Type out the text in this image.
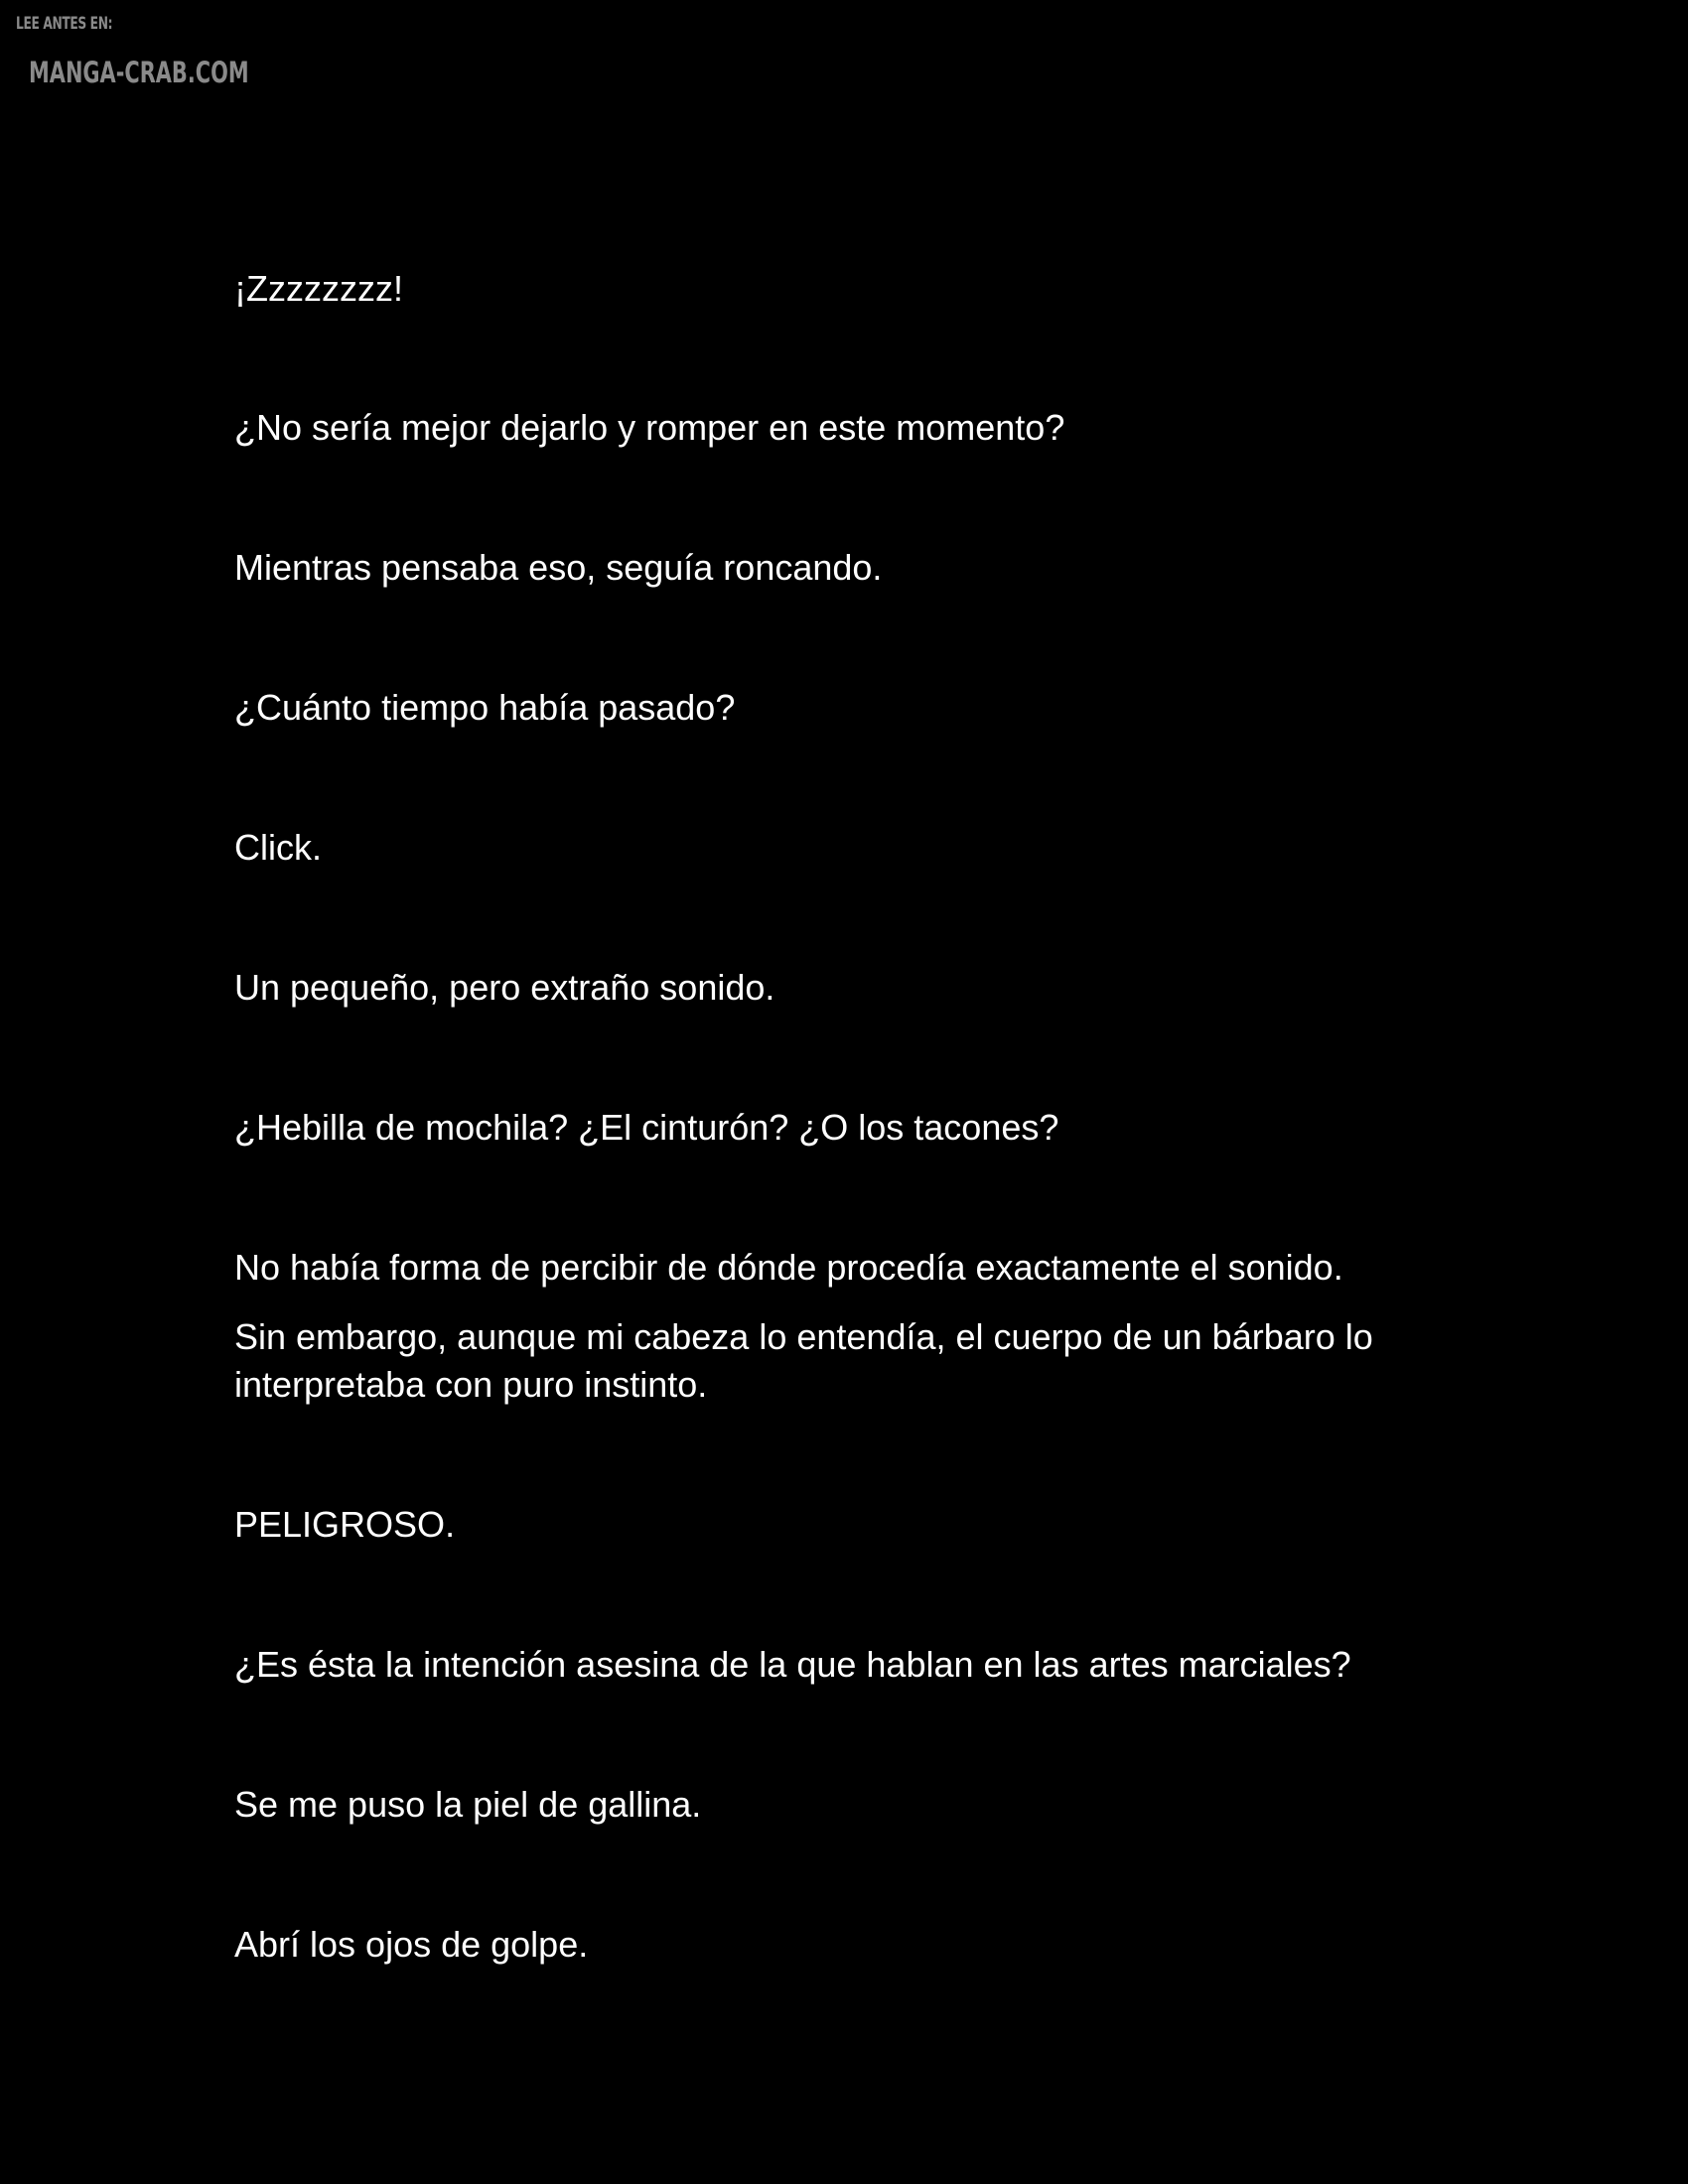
LEE ANTES EN:
MANGA-CRAB.COM

¡Zzzzzzzz!

¿No sería mejor dejarlo y romper en este momento?

Mientras pensaba eso, seguía roncando.

¿Cuánto tiempo había pasado?

Click.

Un pequeño, pero extraño sonido.

¿Hebilla de mochila? ¿El cinturón? ¿O los tacones?

No había forma de percibir de dónde procedía exactamente el sonido.

Sin embargo, aunque mi cabeza lo entendía, el cuerpo de un bárbaro lo interpretaba con puro instinto.

PELIGROSO.

¿Es ésta la intención asesina de la que hablan en las artes marciales?

Se me puso la piel de gallina.

Abrí los ojos de golpe.
